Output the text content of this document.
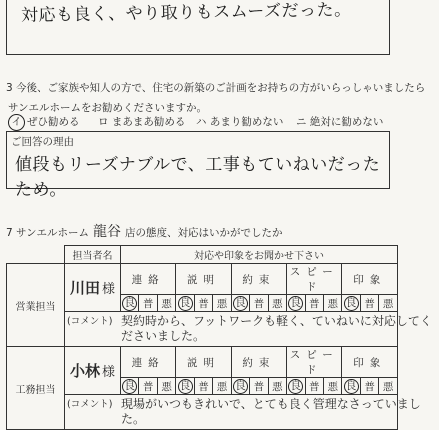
対応も良く、やり取りもスムーズだった。
3 今後、ご家族や知人の方で、住宅の新築のご計画をお持ちの方がいらっしゃいましたら
サンエルホームをお勧めくださいますか。
イ ぜひ勧める ロ まあまあ勧める ハ あまり勧めない ニ 絶対に勧めない
ご回答の理由
値段もリーズナブルで、工事もていねいだったため。
7 サンエルホーム 龍谷 店の態度、対応はいかがでしたか
	担当者名	対応や印象をお聞かせ下さい														
営業担当	川田 様	連絡			説明			約束			スピード			印象		
		良	普	悪	良	普	悪	良	普	悪	良	普	悪	良	普	悪

	(コメント) 契約時から、フットワークも軽く、ていねいに対応してくださいました。															

工務担当	小林 様	連絡			説明			約束			スピード			印象		
		良	普	悪	良	普	悪	良	普	悪	良	普	悪	良	普	悪

	(コメント) 現場がいつもきれいで、とても良く管理なさっていました。															
